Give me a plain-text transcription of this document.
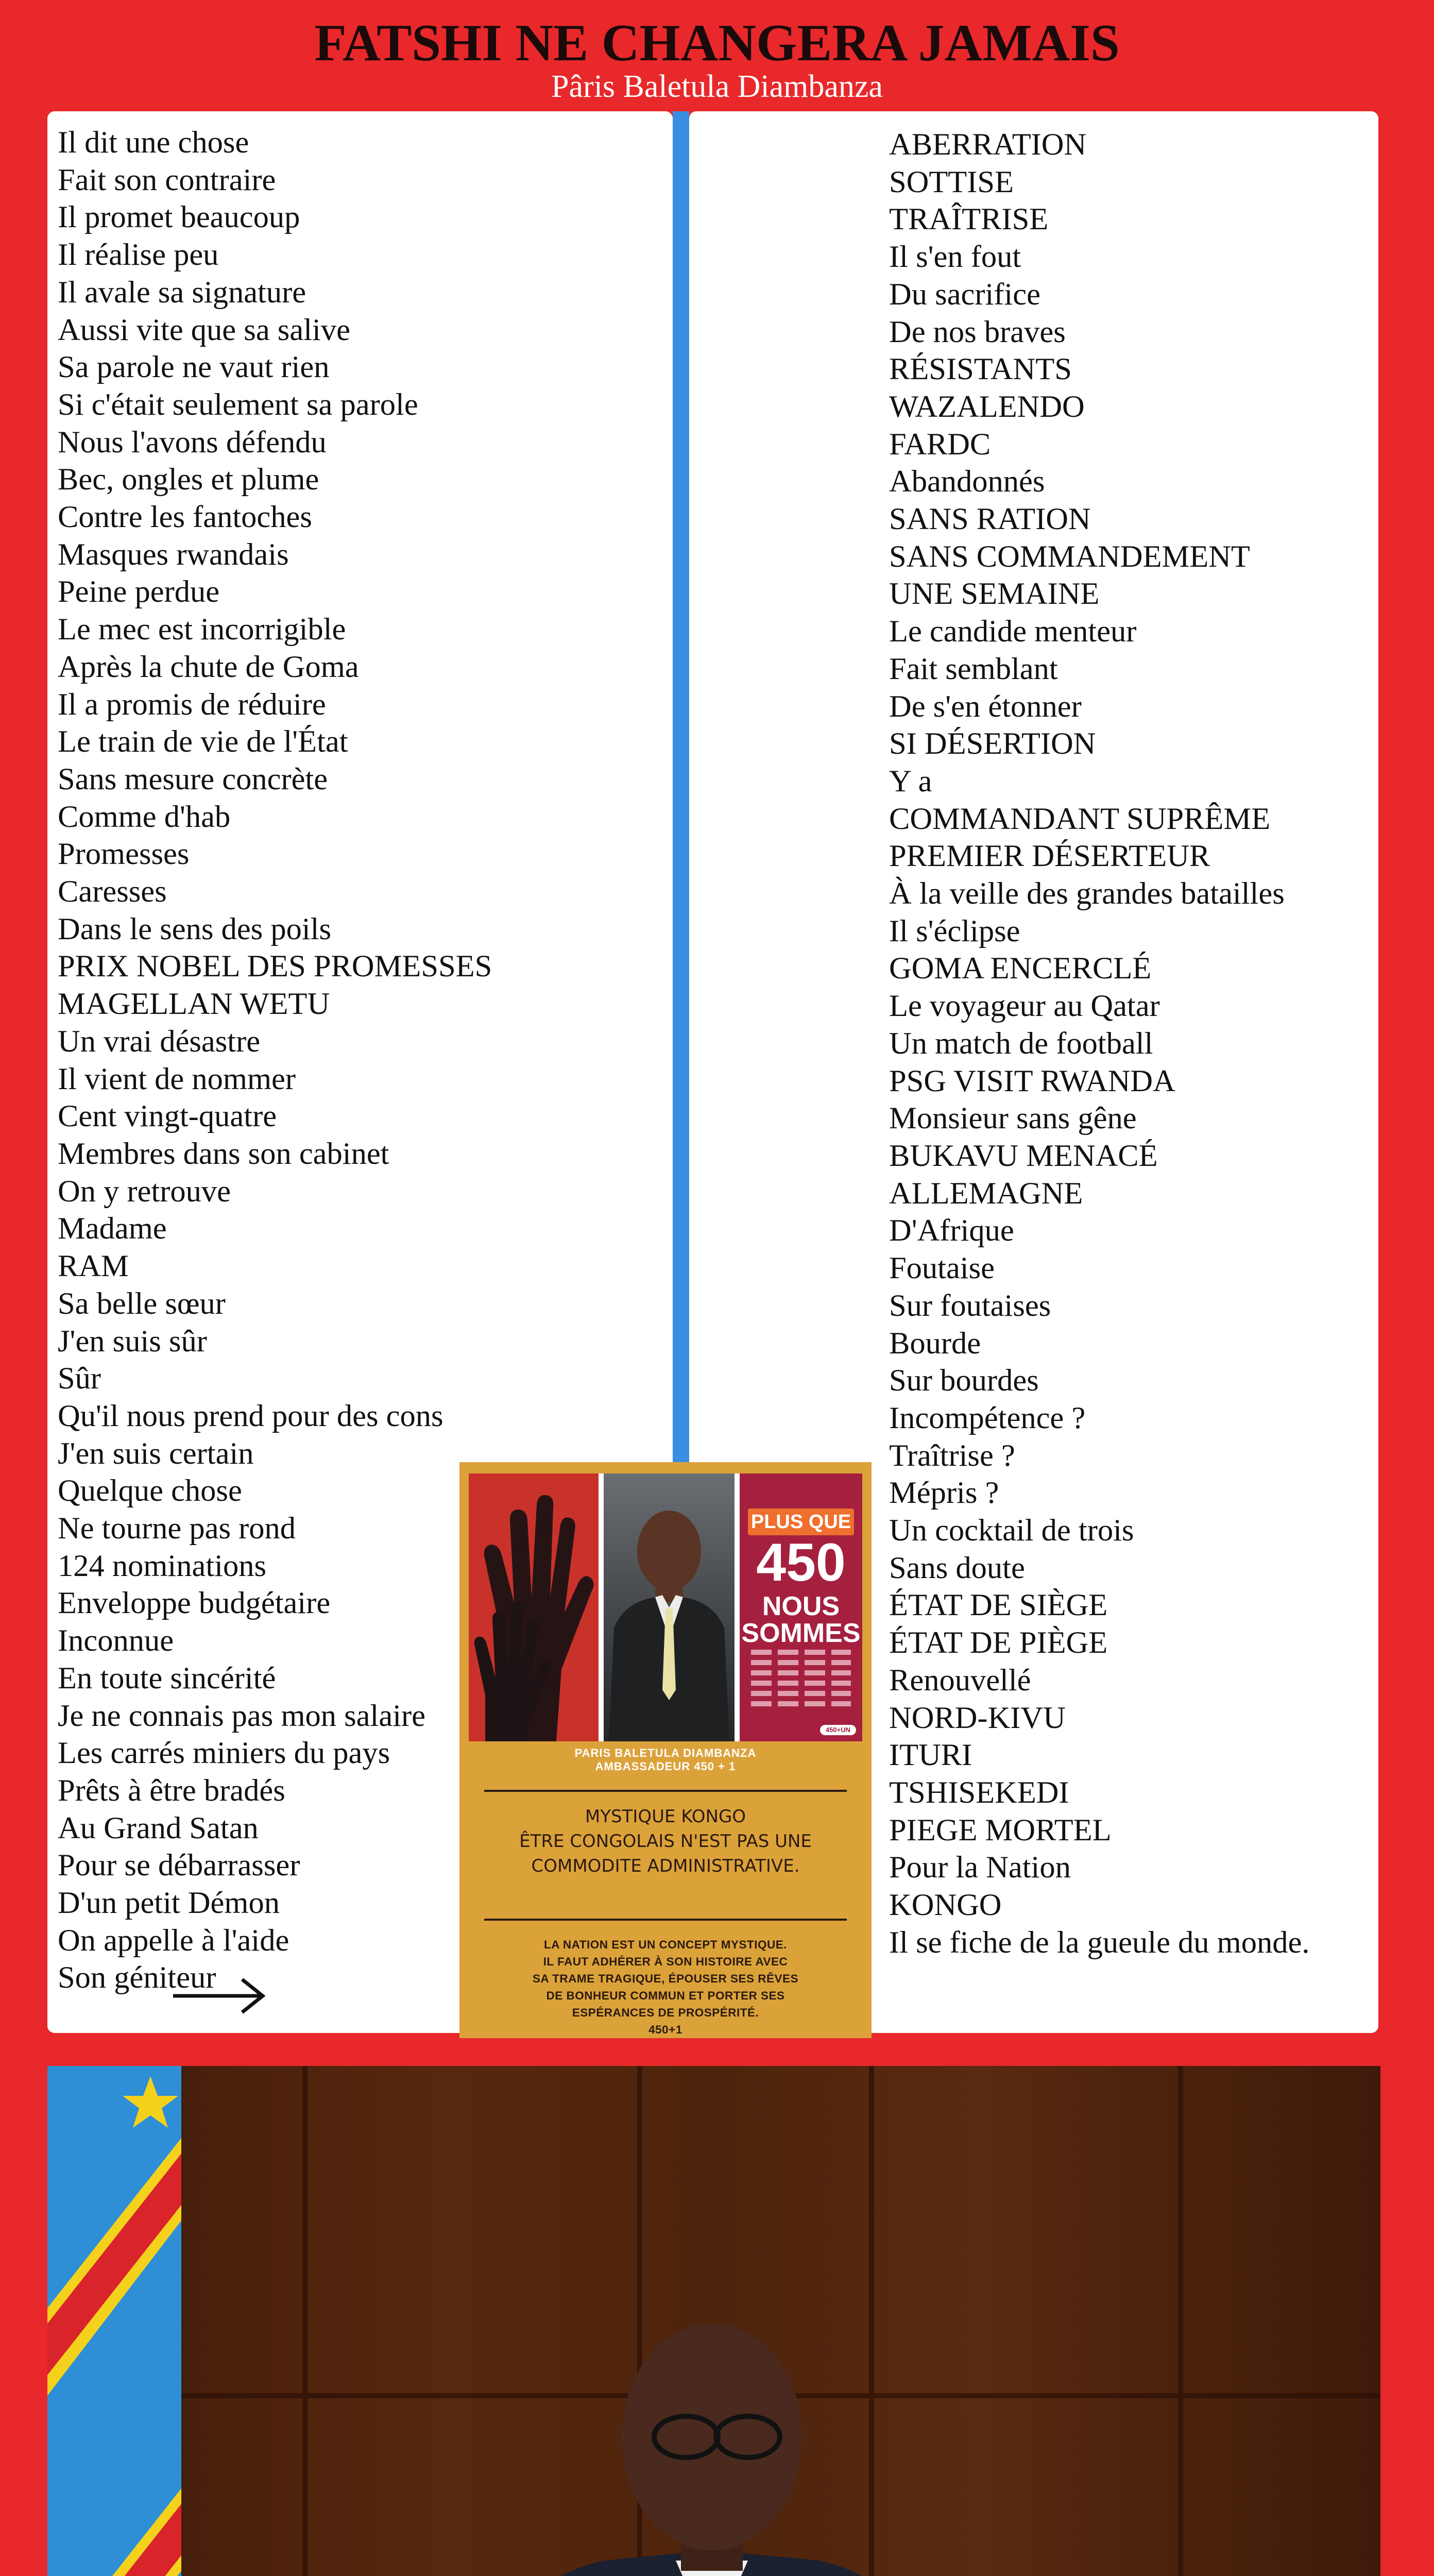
FATSHI NE CHANGERA JAMAIS
Pâris Baletula Diambanza
Il dit une chose
Fait son contraire
Il promet beaucoup
Il réalise peu
Il avale sa signature
Aussi vite que sa salive
Sa parole ne vaut rien
Si c'était seulement sa parole
Nous l'avons défendu
Bec, ongles et plume
Contre les fantoches
Masques rwandais
Peine perdue
Le mec est incorrigible
Après la chute de Goma
Il a promis de réduire
Le train de vie de l'État
Sans mesure concrète
Comme d'hab
Promesses
Caresses
Dans le sens des poils
PRIX NOBEL DES PROMESSES
MAGELLAN WETU
Un vrai désastre
Il vient de nommer
Cent vingt-quatre
Membres dans son cabinet
On y retrouve
Madame
RAM
Sa belle sœur
J'en suis sûr
Sûr
Qu'il nous prend pour des cons
J'en suis certain
Quelque chose
Ne tourne pas rond
124 nominations
Enveloppe budgétaire
Inconnue
En toute sincérité
Je ne connais pas mon salaire
Les carrés miniers du pays
Prêts à être bradés
Au Grand Satan
Pour se débarrasser
D'un petit Démon
On appelle à l'aide
Son géniteur
ABERRATION
SOTTISE
TRAÎTRISE
Il s'en fout
Du sacrifice
De nos braves
RÉSISTANTS
WAZALENDO
FARDC
Abandonnés
SANS RATION
SANS COMMANDEMENT
UNE SEMAINE
Le candide menteur
Fait semblant
De s'en étonner
SI DÉSERTION
Y a
COMMANDANT SUPRÊME
PREMIER DÉSERTEUR
À la veille des grandes batailles
Il s'éclipse
GOMA ENCERCLÉ
Le voyageur au Qatar
Un match de football
PSG VISIT RWANDA
Monsieur sans gêne
BUKAVU MENACÉ
ALLEMAGNE
D'Afrique
Foutaise
Sur foutaises
Bourde
Sur bourdes
Incompétence ?
Traîtrise ?
Mépris ?
Un cocktail de trois
Sans doute
ÉTAT DE SIÈGE
ÉTAT DE PIÈGE
Renouvellé
NORD-KIVU
ITURI
TSHISEKEDI
PIEGE MORTEL
Pour la Nation
KONGO
Il se fiche de la gueule du monde.
PLUS QUE
450
NOUS
SOMMES
450+UN
PARIS BALETULA DIAMBANZA
AMBASSADEUR 450 + 1
MYSTIQUE KONGO
ÊTRE CONGOLAIS N'EST PAS UNE
COMMODITE ADMINISTRATIVE.
LA NATION EST UN CONCEPT MYSTIQUE.
IL FAUT ADHÉRER À SON HISTOIRE AVEC
SA TRAME TRAGIQUE, ÉPOUSER SES RÊVES
DE BONHEUR COMMUN ET PORTER SES
ESPÉRANCES DE PROSPÉRITÉ.
450+1
